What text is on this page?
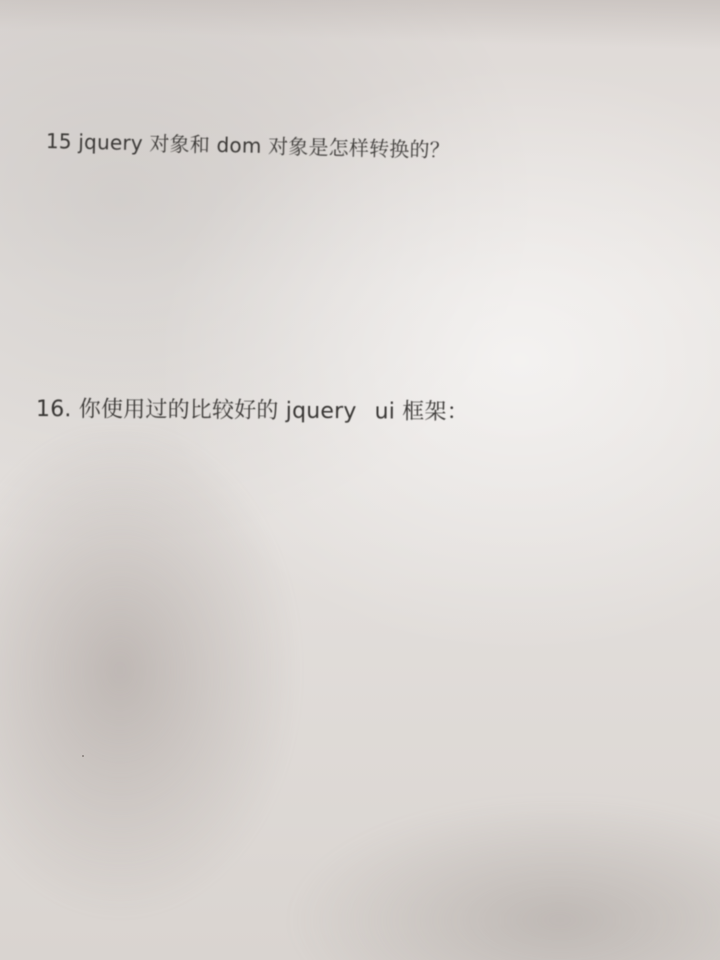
15 jquery 对象和 dom 对象是怎样转换的？
16. 你使用过的比较好的 jquery ui 框架：
